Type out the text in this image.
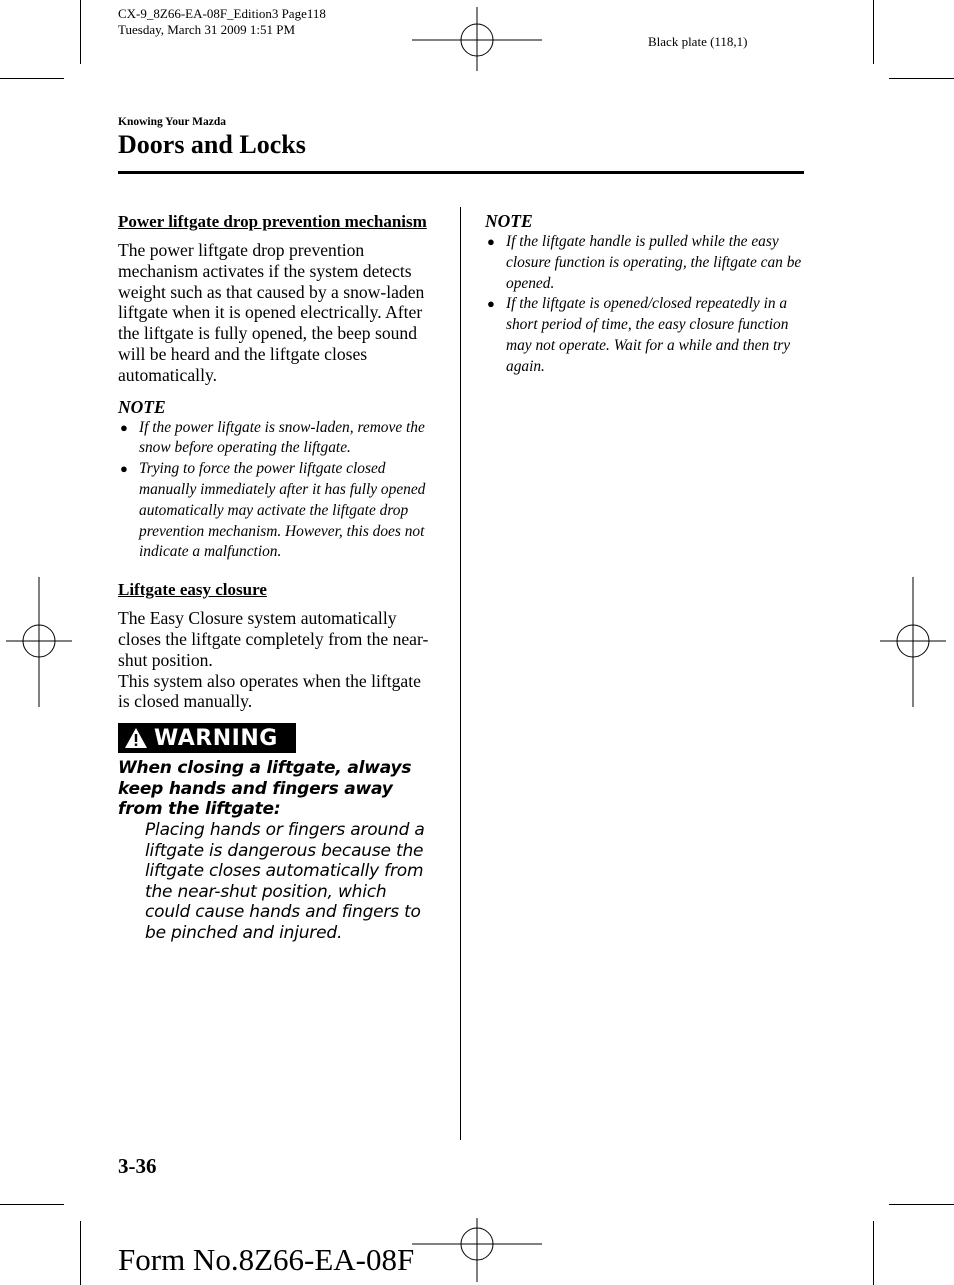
CX-9_8Z66-EA-08F_Edition3 Page118
Tuesday, March 31 2009 1:51 PM
Black plate (118,1)
Knowing Your Mazda
Doors and Locks
Power liftgate drop prevention mechanism

The power liftgate drop prevention mechanism activates if the system detects weight such as that caused by a snow-laden liftgate when it is opened electrically. After the liftgate is fully opened, the beep sound will be heard and the liftgate closes automatically.

NOTE

● If the power liftgate is snow-laden, remove the snow before operating the liftgate.
● Trying to force the power liftgate closed manually immediately after it has fully opened automatically may activate the liftgate drop prevention mechanism. However, this does not indicate a malfunction.
Liftgate easy closure

The Easy Closure system automatically closes the liftgate completely from the near-shut position.

This system also operates when the liftgate is closed manually.

WARNING

When closing a liftgate, always keep hands and fingers away from the liftgate:

Placing hands or fingers around a liftgate is dangerous because the liftgate closes automatically from the near-shut position, which could cause hands and fingers to be pinched and injured.

NOTE

● If the liftgate handle is pulled while the easy closure function is operating, the liftgate can be opened.
● If the liftgate is opened/closed repeatedly in a short period of time, the easy closure function may not operate. Wait for a while and then try again.
3-36
Form No.8Z66-EA-08F
